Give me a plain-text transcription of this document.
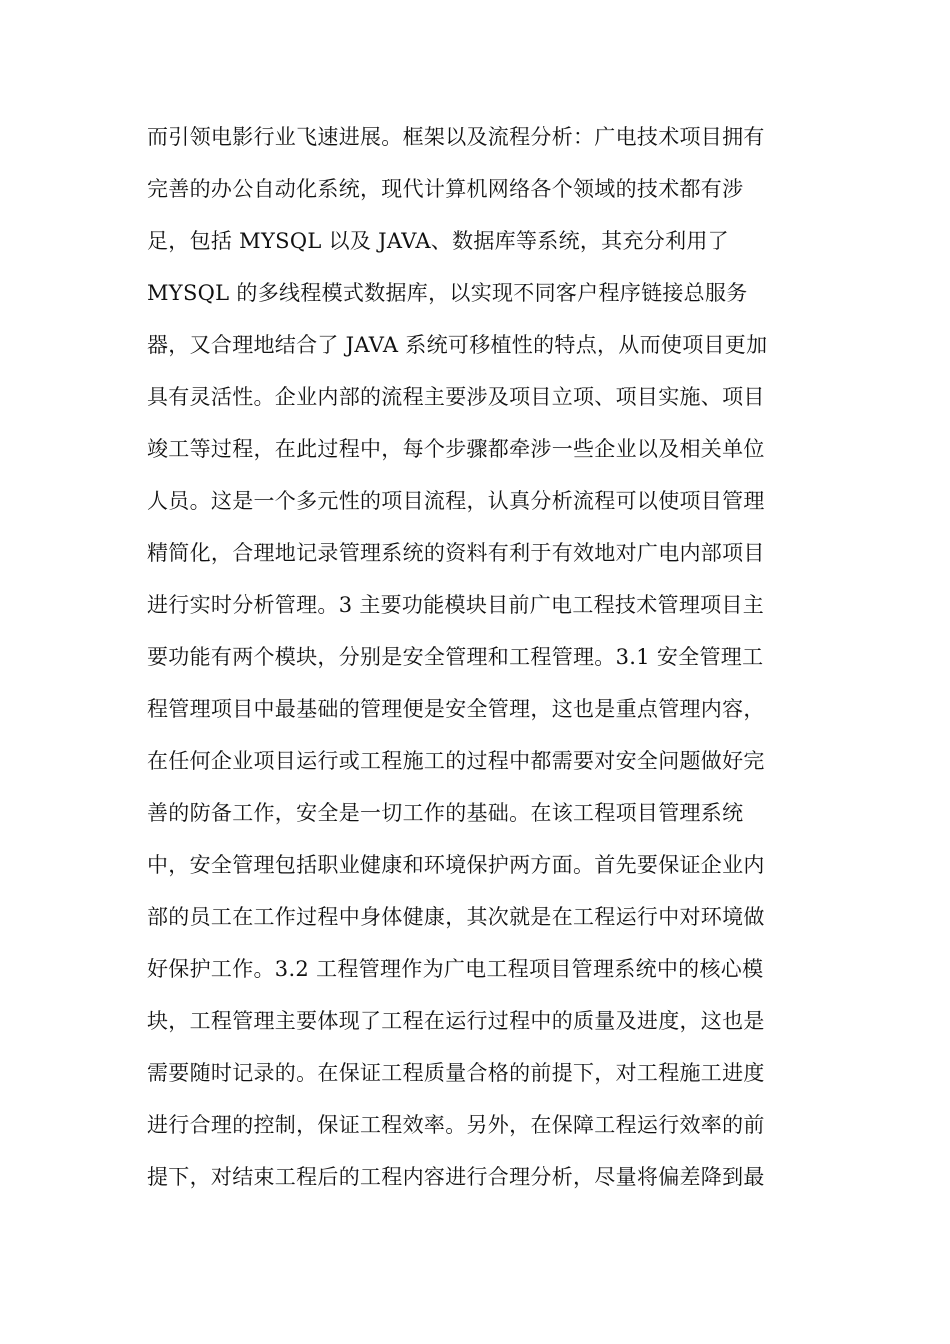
而引领电影行业飞速进展。框架以及流程分析：广电技术项目拥有
完善的办公自动化系统，现代计算机网络各个领域的技术都有涉
足，包括 MYSQL 以及 JAVA、数据库等系统，其充分利用了
MYSQL 的多线程模式数据库，以实现不同客户程序链接总服务
器，又合理地结合了 JAVA 系统可移植性的特点，从而使项目更加
具有灵活性。企业内部的流程主要涉及项目立项、项目实施、项目
竣工等过程，在此过程中，每个步骤都牵涉一些企业以及相关单位
人员。这是一个多元性的项目流程，认真分析流程可以使项目管理
精简化，合理地记录管理系统的资料有利于有效地对广电内部项目
进行实时分析管理。3 主要功能模块目前广电工程技术管理项目主
要功能有两个模块，分别是安全管理和工程管理。3.1 安全管理工
程管理项目中最基础的管理便是安全管理，这也是重点管理内容，
在任何企业项目运行或工程施工的过程中都需要对安全问题做好完
善的防备工作，安全是一切工作的基础。在该工程项目管理系统
中，安全管理包括职业健康和环境保护两方面。首先要保证企业内
部的员工在工作过程中身体健康，其次就是在工程运行中对环境做
好保护工作。3.2 工程管理作为广电工程项目管理系统中的核心模
块，工程管理主要体现了工程在运行过程中的质量及进度，这也是
需要随时记录的。在保证工程质量合格的前提下，对工程施工进度
进行合理的控制，保证工程效率。另外，在保障工程运行效率的前
提下，对结束工程后的工程内容进行合理分析，尽量将偏差降到最
